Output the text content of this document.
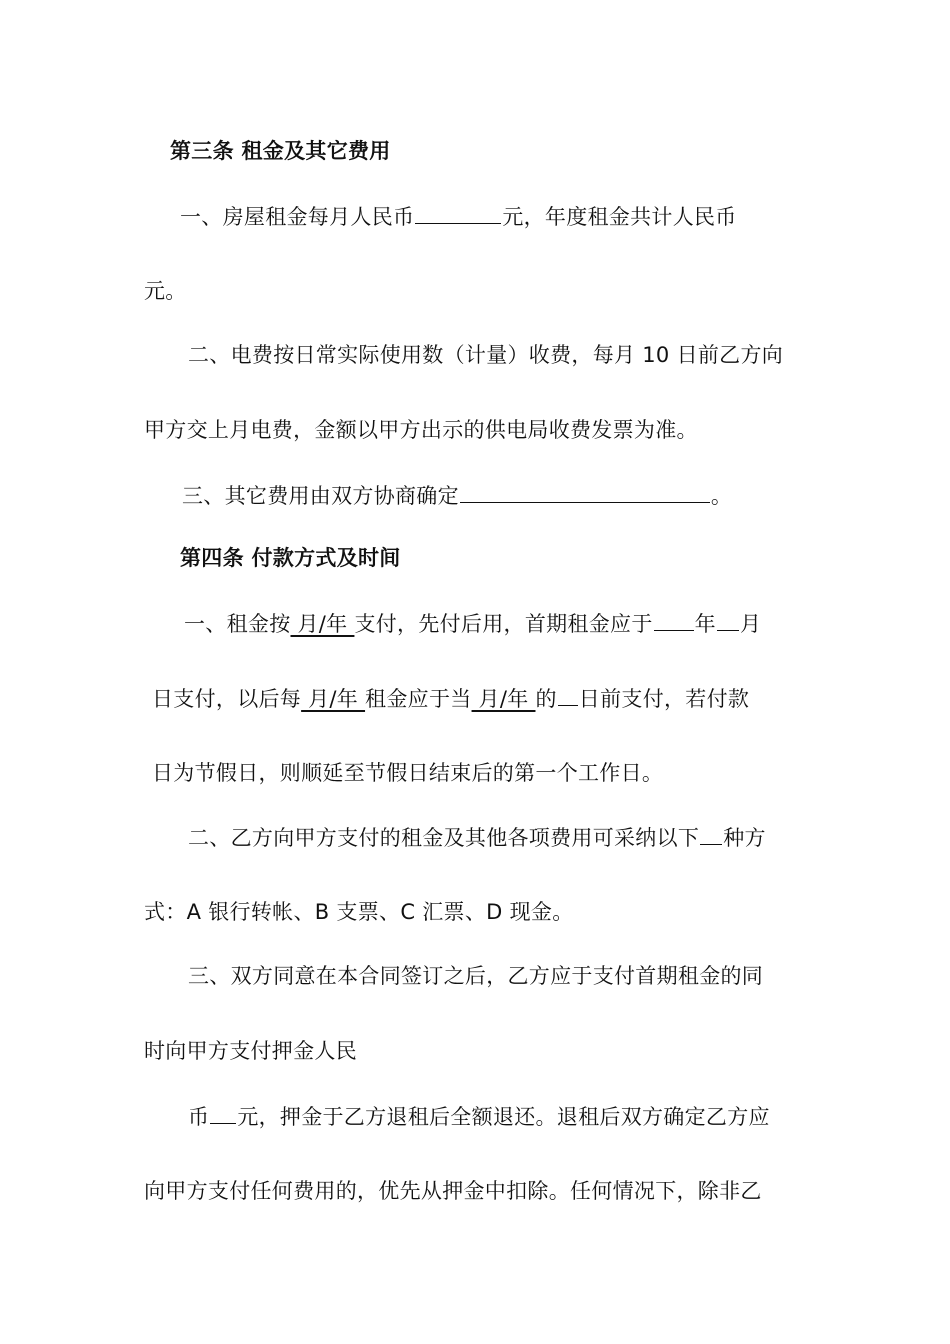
第三条 租金及其它费用
一、房屋租金每月人民币	元，年度租金共计人民币
元。
二、电费按日常实际使用数（计量）收费，每月 10 日前乙方向
甲方交上月电费，金额以甲方出示的供电局收费发票为准。
三、其它费用由双方协商确定	。
第四条 付款方式及时间
一、租金按 月/年 支付，先付后用，首期租金应于 年 月
日支付，以后每 月/年 租金应于当 月/年 的 日前支付，若付款
日为节假日，则顺延至节假日结束后的第一个工作日。
二、乙方向甲方支付的租金及其他各项费用可采纳以下 种方
式：A 银行转帐、B 支票、C 汇票、D 现金。
三、双方同意在本合同签订之后，乙方应于支付首期租金的同
时向甲方支付押金人民
币 元，押金于乙方退租后全额退还。退租后双方确定乙方应
向甲方支付任何费用的，优先从押金中扣除。任何情况下，除非乙
